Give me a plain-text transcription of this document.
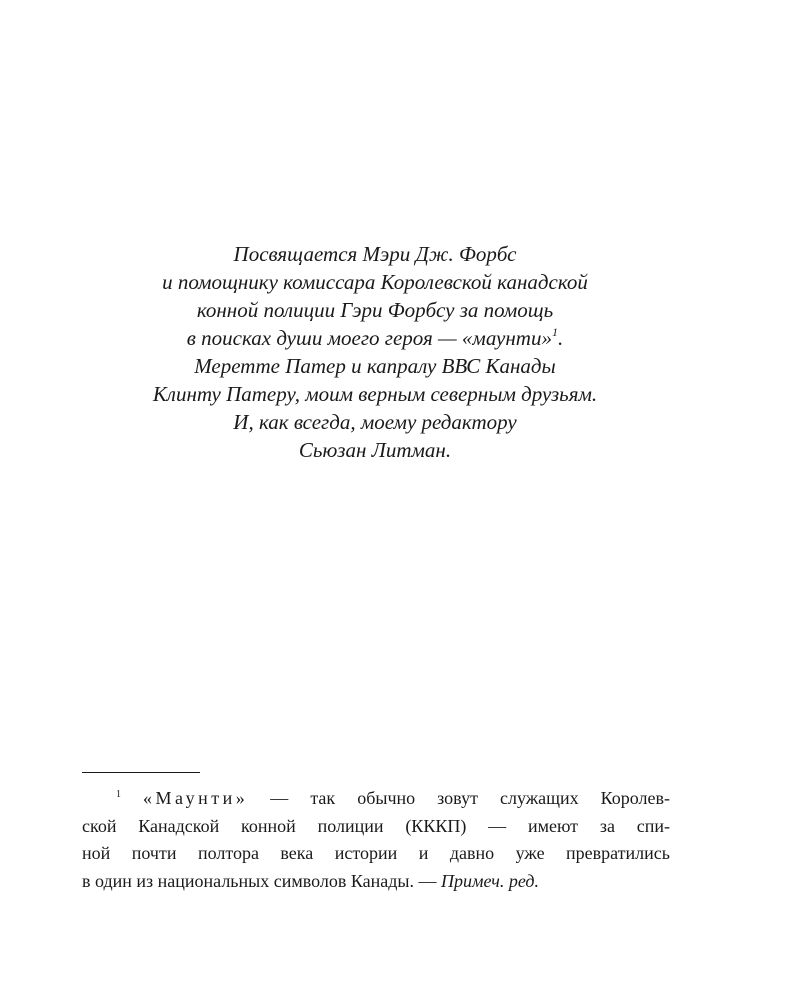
Посвящается Мэри Дж. Форбс
и помощнику комиссара Королевской канадской
конной полиции Гэри Форбсу за помощь
в поисках души моего героя — «маунти»$^1$.
Меретте Патер и капралу ВВС Канады
Клинту Патеру, моим верным северным друзьям.
И, как всегда, моему редактору
Сьюзан Литман.
$^1$ «Маунти» — так обычно зовут служащих Королев-
ской Канадской конной полиции (КККП) — имеют за спи-
ной почти полтора века истории и давно уже превратились
в один из национальных символов Канады. — Примеч. ред.
